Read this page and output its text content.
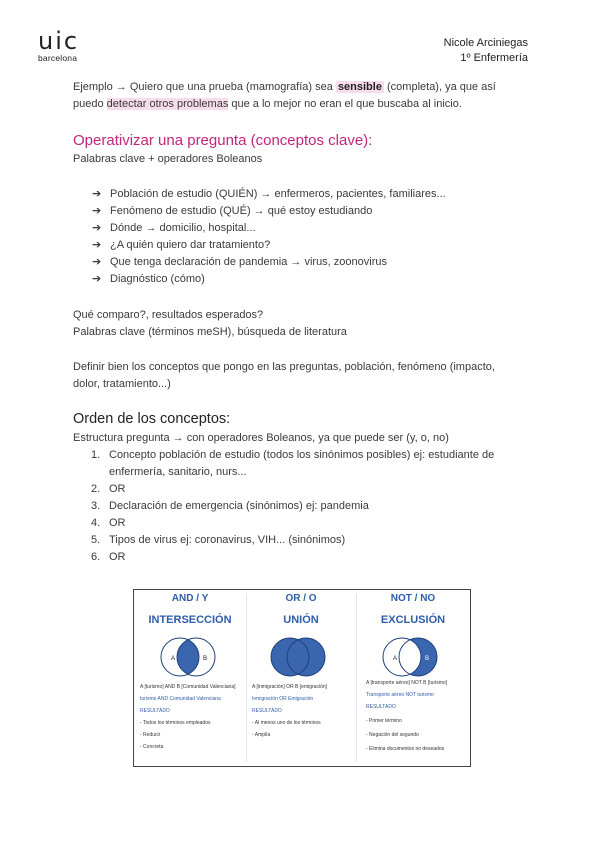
uic
barcelona
Nicole Arciniegas
1º Enfermería
Ejemplo → Quiero que una prueba (mamografía) sea sensible (completa), ya que así
puedo detectar otros problemas que a lo mejor no eran el que buscaba al inicio.
Operativizar una pregunta (conceptos clave):
Palabras clave + operadores Boleanos
➔ Población de estudio (QUIÉN) → enfermeros, pacientes, familiares...
➔ Fenómeno de estudio (QUÉ) → qué estoy estudiando
➔ Dónde → domicilio, hospital...
➔ ¿A quién quiero dar tratamiento?
➔ Que tenga declaración de pandemia → virus, zoonovirus
➔ Diagnóstico (cómo)
Qué comparo?, resultados esperados?
Palabras clave (términos meSH), búsqueda de literatura
Definir bien los conceptos que pongo en las preguntas, población, fenómeno (impacto,
dolor, tratamiento...)
Orden de los conceptos:
Estructura pregunta → con operadores Boleanos, ya que puede ser (y, o, no)
1. Concepto población de estudio (todos los sinónimos posibles) ej: estudiante de
enfermería, sanitario, nurs...
2. OR
3. Declaración de emergencia (sinónimos) ej: pandemia
4. OR
5. Tipos de virus ej: coronavirus, VIH... (sinónimos)
6. OR
AND / Y
INTERSECCIÓN
A	B
A [turismo] AND B [Comunidad Valenciana]
turismo AND Comunidad Valenciana
RESULTADO
- Todos los términos empleados
- Reducir
- Concreta
OR / O
UNIÓN
A [inmigración] OR B [emigración]
Inmigración OR Emigración
RESULTADO
- Al menos uno de los términos
- Amplía
NOT / NO
EXCLUSIÓN
A	B
A [transporte aéreo] NOT B [turismo]
Transporte aéreo NOT turismo
RESULTADO
- Primer término
- Negación del segundo
- Elimina documentos no deseados
